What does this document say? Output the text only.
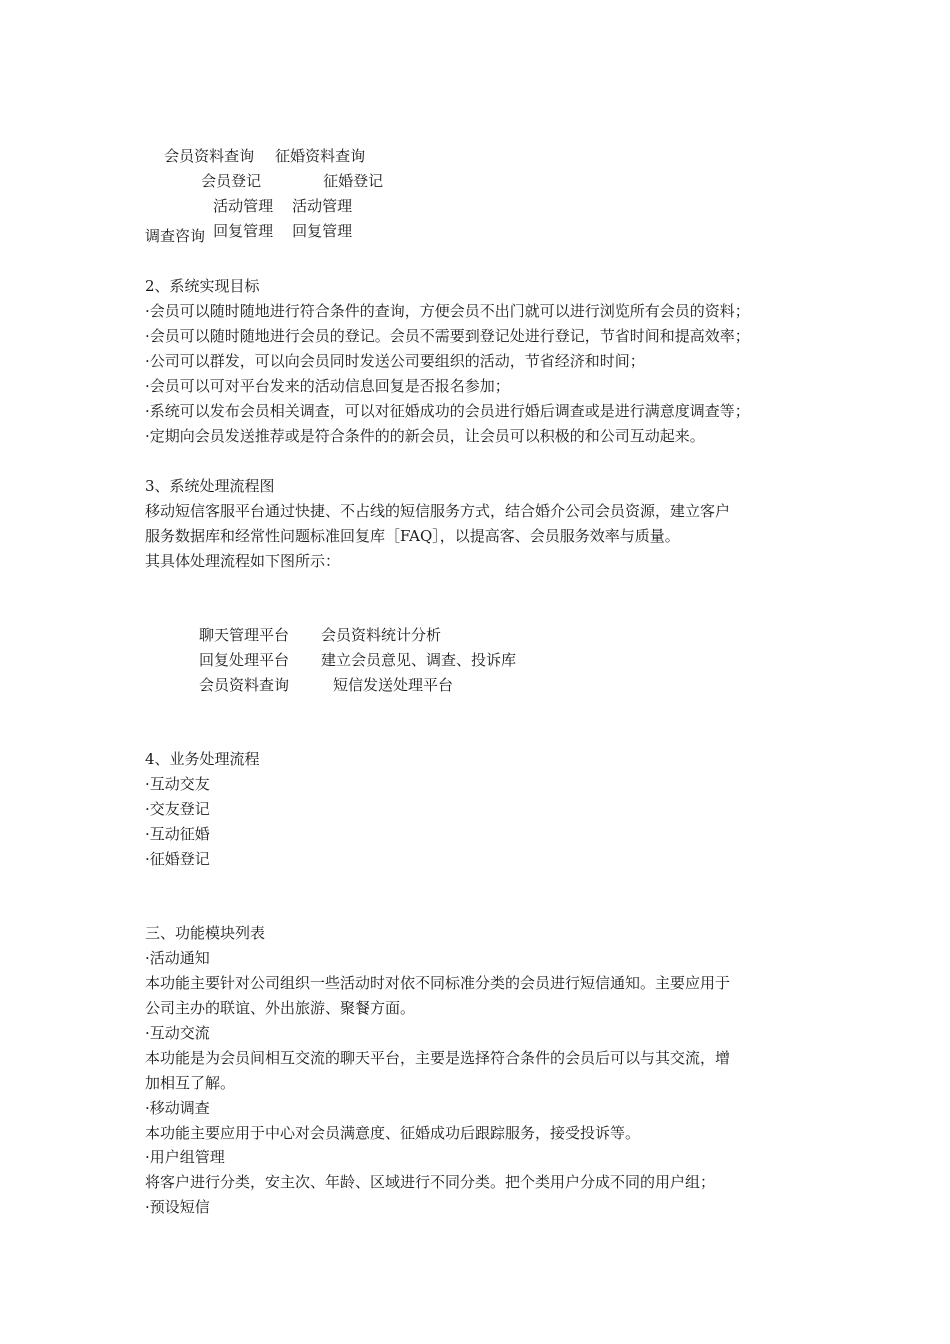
会员资料查询 征婚资料查询

会员登记	征婚登记

活动管理 活动管理

回复管理 回复管理

调查咨询
2、系统实现目标
·会员可以随时随地进行符合条件的查询，方便会员不出门就可以进行浏览所有会员的资料；
·会员可以随时随地进行会员的登记。会员不需要到登记处进行登记，节省时间和提高效率；
·公司可以群发，可以向会员同时发送公司要组织的活动，节省经济和时间；
·会员可以可对平台发来的活动信息回复是否报名参加；
·系统可以发布会员相关调查，可以对征婚成功的会员进行婚后调查或是进行满意度调查等；
·定期向会员发送推荐或是符合条件的的新会员，让会员可以积极的和公司互动起来。
3、系统处理流程图
移动短信客服平台通过快捷、不占线的短信服务方式，结合婚介公司会员资源，建立客户
服务数据库和经常性问题标准回复库［FAQ］，以提高客、会员服务效率与质量。
其具体处理流程如下图所示：
聊天管理平台 会员资料统计分析
回复处理平台 建立会员意见、调查、投诉库
会员资料查询	短信发送处理平台
4、业务处理流程
·互动交友
·交友登记
·互动征婚
·征婚登记
三、功能模块列表
·活动通知
本功能主要针对公司组织一些活动时对依不同标准分类的会员进行短信通知。主要应用于
公司主办的联谊、外出旅游、聚餐方面。
·互动交流
本功能是为会员间相互交流的聊天平台，主要是选择符合条件的会员后可以与其交流，增
加相互了解。
·移动调查
本功能主要应用于中心对会员满意度、征婚成功后跟踪服务，接受投诉等。
·用户组管理
将客户进行分类，安主次、年龄、区域进行不同分类。把个类用户分成不同的用户组；
·预设短信
